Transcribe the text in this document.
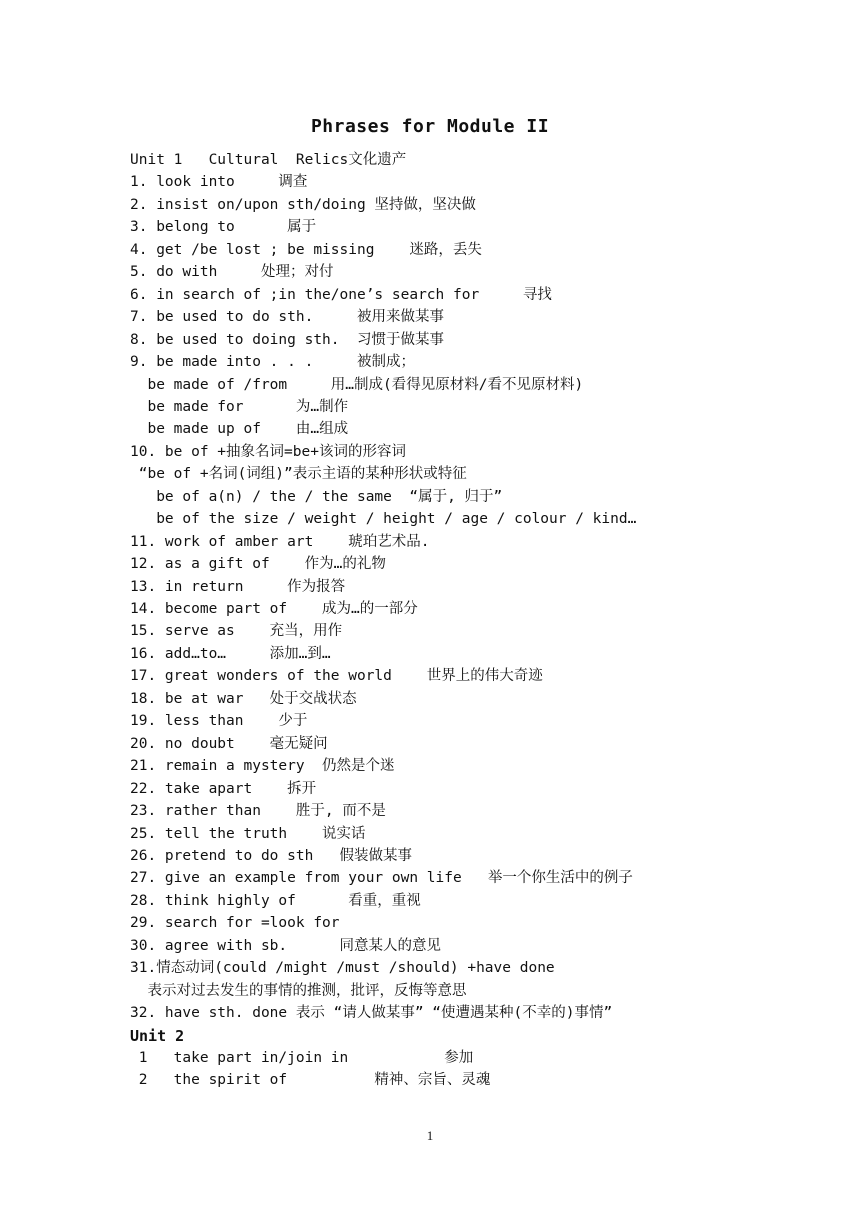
Phrases for Module II
Unit 1   Cultural  Relics文化遗产
1. look into     调查
2. insist on/upon sth/doing 坚持做，坚决做
3. belong to      属于
4. get /be lost ; be missing    迷路，丢失
5. do with     处理；对付
6. in search of ;in the/one’s search for     寻找
7. be used to do sth.     被用来做某事
8. be used to doing sth.  习惯于做某事
9. be made into . . .     被制成；
be made of /from     用…制成(看得见原材料/看不见原材料)
be made for      为…制作
be made up of    由…组成
10. be of +抽象名词=be+该词的形容词
“be of +名词(词组)”表示主语的某种形状或特征
be of a(n) / the / the same  “属于, 归于”
be of the size / weight / height / age / colour / kind…
11. work of amber art    琥珀艺术品.
12. as a gift of    作为…的礼物
13. in return     作为报答
14. become part of    成为…的一部分
15. serve as    充当，用作
16. add…to…     添加…到…
17. great wonders of the world    世界上的伟大奇迹
18. be at war   处于交战状态
19. less than    少于
20. no doubt    毫无疑问
21. remain a mystery  仍然是个迷
22. take apart    拆开
23. rather than    胜于, 而不是
25. tell the truth    说实话
26. pretend to do sth   假装做某事
27. give an example from your own life   举一个你生活中的例子
28. think highly of      看重，重视
29. search for =look for
30. agree with sb.      同意某人的意见
31.情态动词(could /might /must /should) +have done
表示对过去发生的事情的推测，批评，反悔等意思
32. have sth. done 表示 “请人做某事” “使遭遇某种(不幸的)事情”
Unit 2
1   take part in/join in           参加
2   the spirit of          精神、宗旨、灵魂
1
